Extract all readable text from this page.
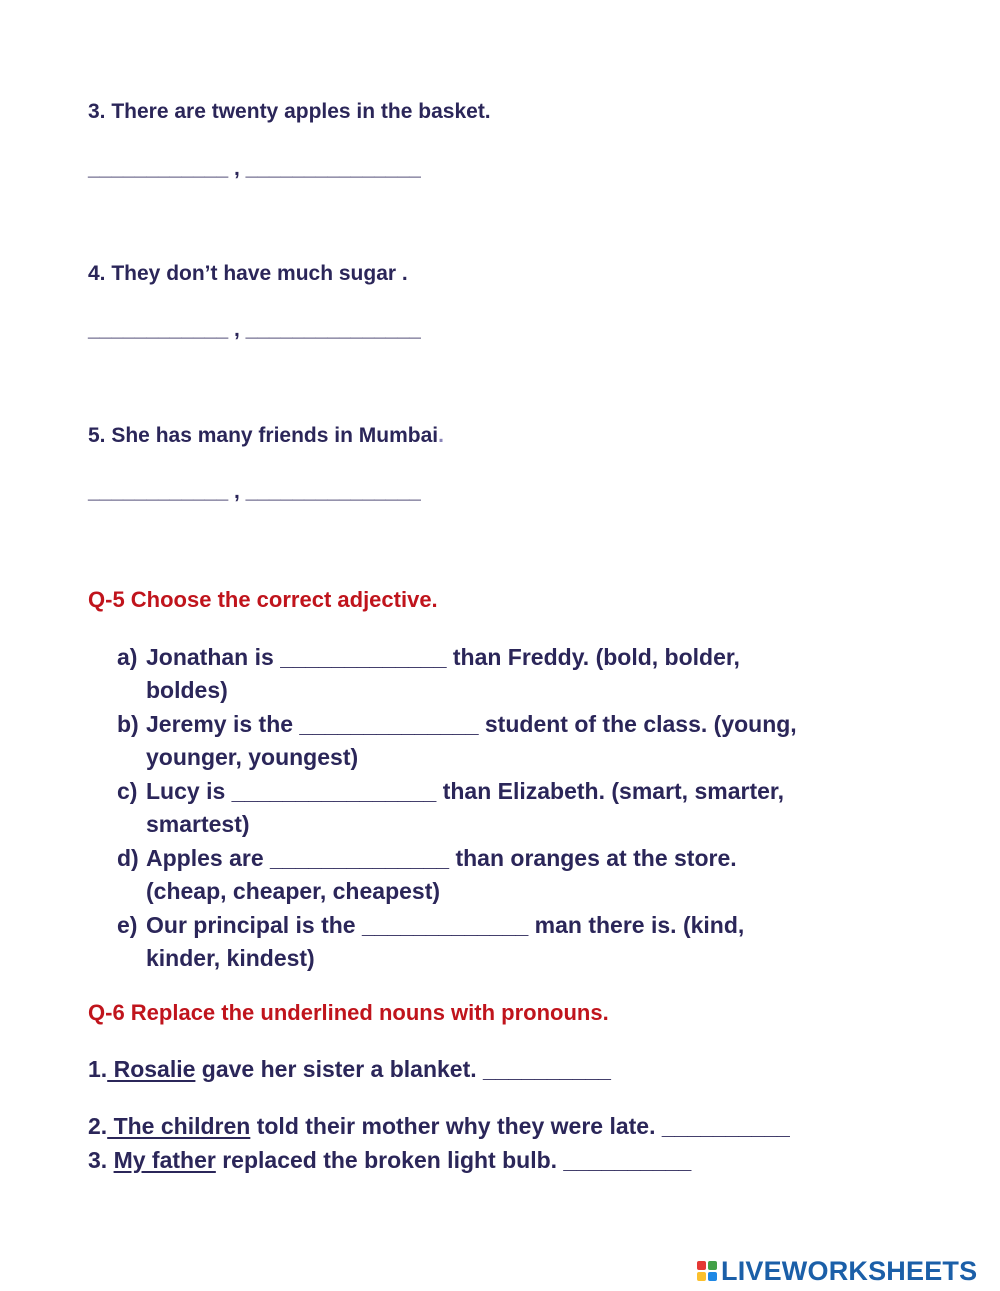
3. There are twenty apples in the basket.
____________ , _______________
4. They don’t have much sugar .
____________ , _______________
5. She has many friends in Mumbai.
____________ , _______________
Q-5 Choose the correct adjective.
a) Jonathan is _____________ than Freddy. (bold, bolder,
boldes)
b) Jeremy is the ______________ student of the class. (young,
younger, youngest)
c) Lucy is ________________ than Elizabeth. (smart, smarter,
smartest)
d) Apples are ______________ than oranges at the store.
(cheap, cheaper, cheapest)
e) Our principal is the _____________ man there is. (kind,
kinder, kindest)
Q-6 Replace the underlined nouns with pronouns.
1. Rosalie gave her sister a blanket. __________
2. The children told their mother why they were late. __________
3. My father replaced the broken light bulb. __________
LIVEWORKSHEETS
